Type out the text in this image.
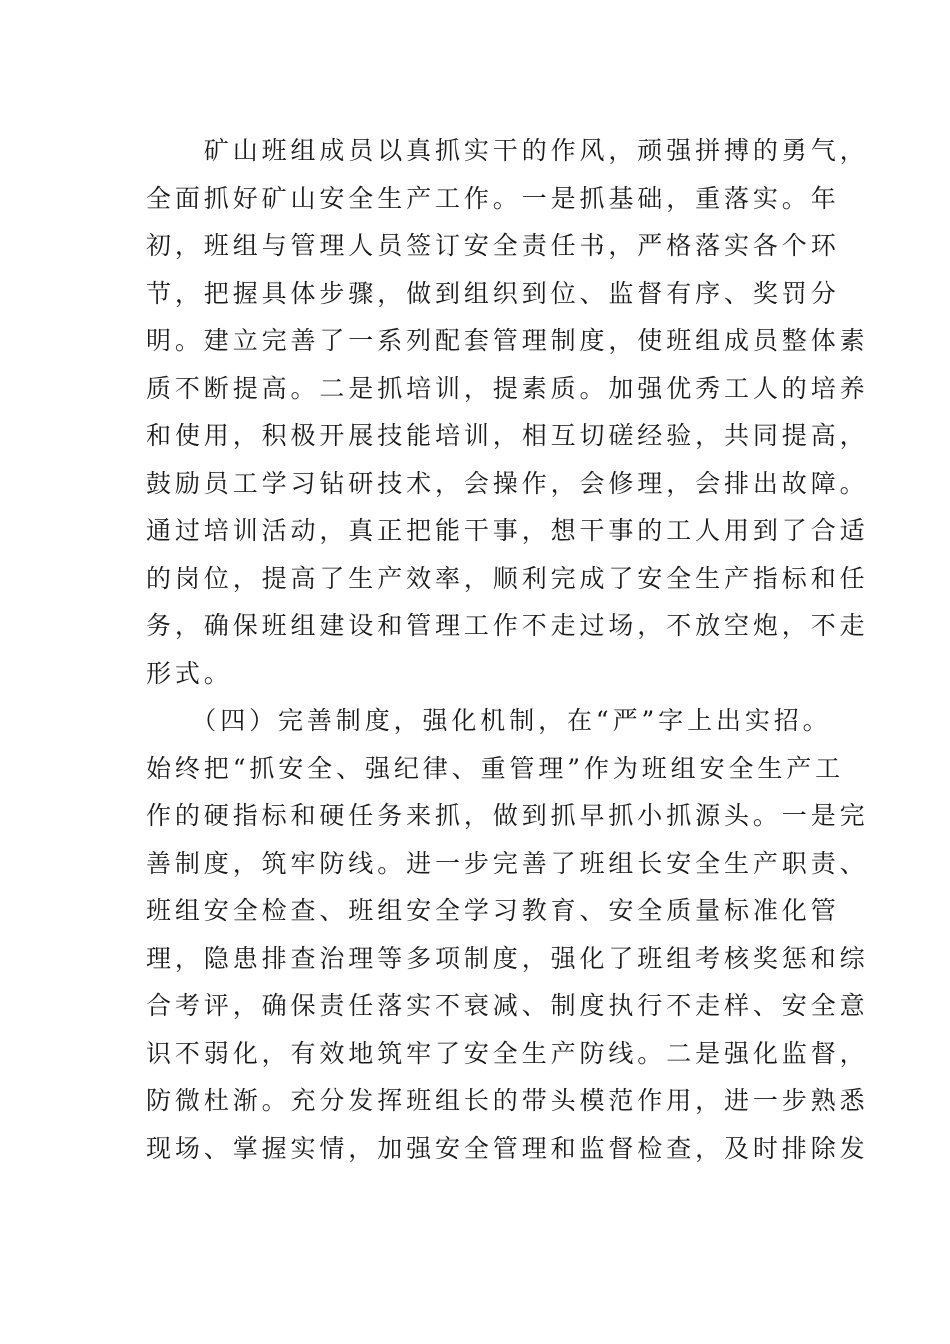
　　矿山班组成员以真抓实干的作风，顽强拼搏的勇气，
全面抓好矿山安全生产工作。一是抓基础，重落实。年
初，班组与管理人员签订安全责任书，严格落实各个环
节，把握具体步骤，做到组织到位、监督有序、奖罚分
明。建立完善了一系列配套管理制度，使班组成员整体素
质不断提高。二是抓培训，提素质。加强优秀工人的培养
和使用，积极开展技能培训，相互切磋经验，共同提高，
鼓励员工学习钻研技术，会操作，会修理，会排出故障。
通过培训活动，真正把能干事，想干事的工人用到了合适
的岗位，提高了生产效率，顺利完成了安全生产指标和任
务，确保班组建设和管理工作不走过场，不放空炮，不走
形式。
　　（四）完善制度，强化机制，在“严”字上出实招。
始终把“抓安全、强纪律、重管理”作为班组安全生产工
作的硬指标和硬任务来抓，做到抓早抓小抓源头。一是完
善制度，筑牢防线。进一步完善了班组长安全生产职责、
班组安全检查、班组安全学习教育、安全质量标准化管
理，隐患排查治理等多项制度，强化了班组考核奖惩和综
合考评，确保责任落实不衰减、制度执行不走样、安全意
识不弱化，有效地筑牢了安全生产防线。二是强化监督，
防微杜渐。充分发挥班组长的带头模范作用，进一步熟悉
现场、掌握实情，加强安全管理和监督检查，及时排除发
